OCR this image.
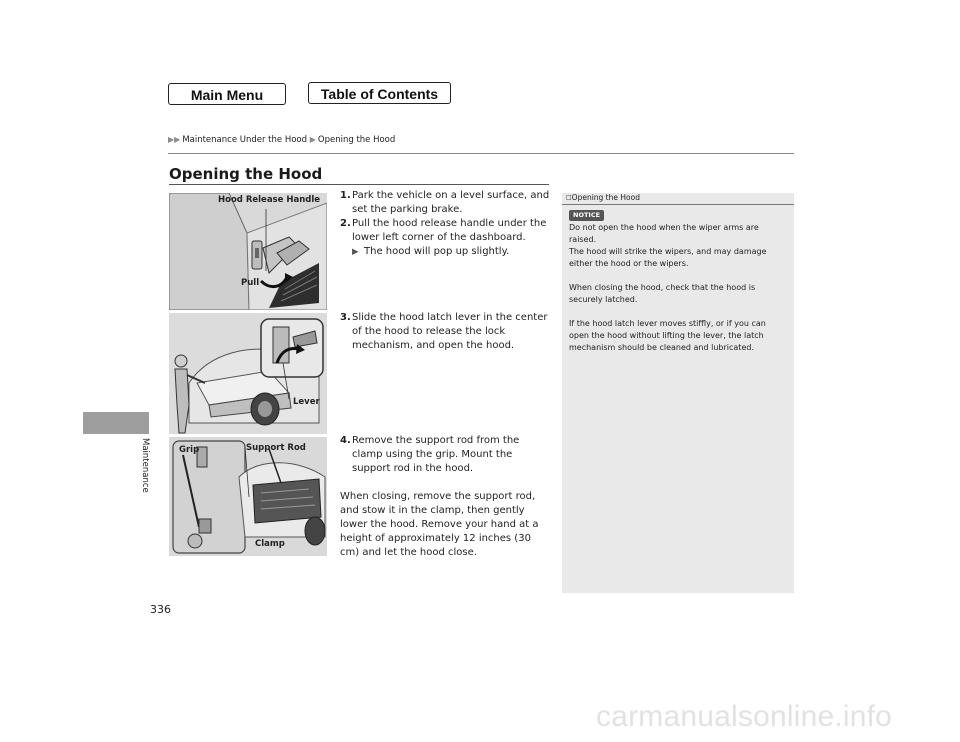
Main Menu	Table of Contents
▶▶ Maintenance Under the Hood ▶ Opening the Hood
Maintenance
336
Opening the Hood
Hood Release Handle
Pull
Lever
Grip	Support Rod
Clamp
1. Park the vehicle on a level surface, and set the parking brake.
2. Pull the hood release handle under the lower left corner of the dashboard.
▶ The hood will pop up slightly.
3. Slide the hood latch lever in the center of the hood to release the lock mechanism, and open the hood.
4. Remove the support rod from the clamp using the grip. Mount the support rod in the hood.
When closing, remove the support rod, and stow it in the clamp, then gently lower the hood. Remove your hand at a height of approximately 12 inches (30 cm) and let the hood close.
□Opening the Hood
NOTICE

Do not open the hood when the wiper arms are raised.
The hood will strike the wipers, and may damage either the hood or the wipers.

When closing the hood, check that the hood is securely latched.

If the hood latch lever moves stiffly, or if you can open the hood without lifting the lever, the latch mechanism should be cleaned and lubricated.

carmanualsonline.info
